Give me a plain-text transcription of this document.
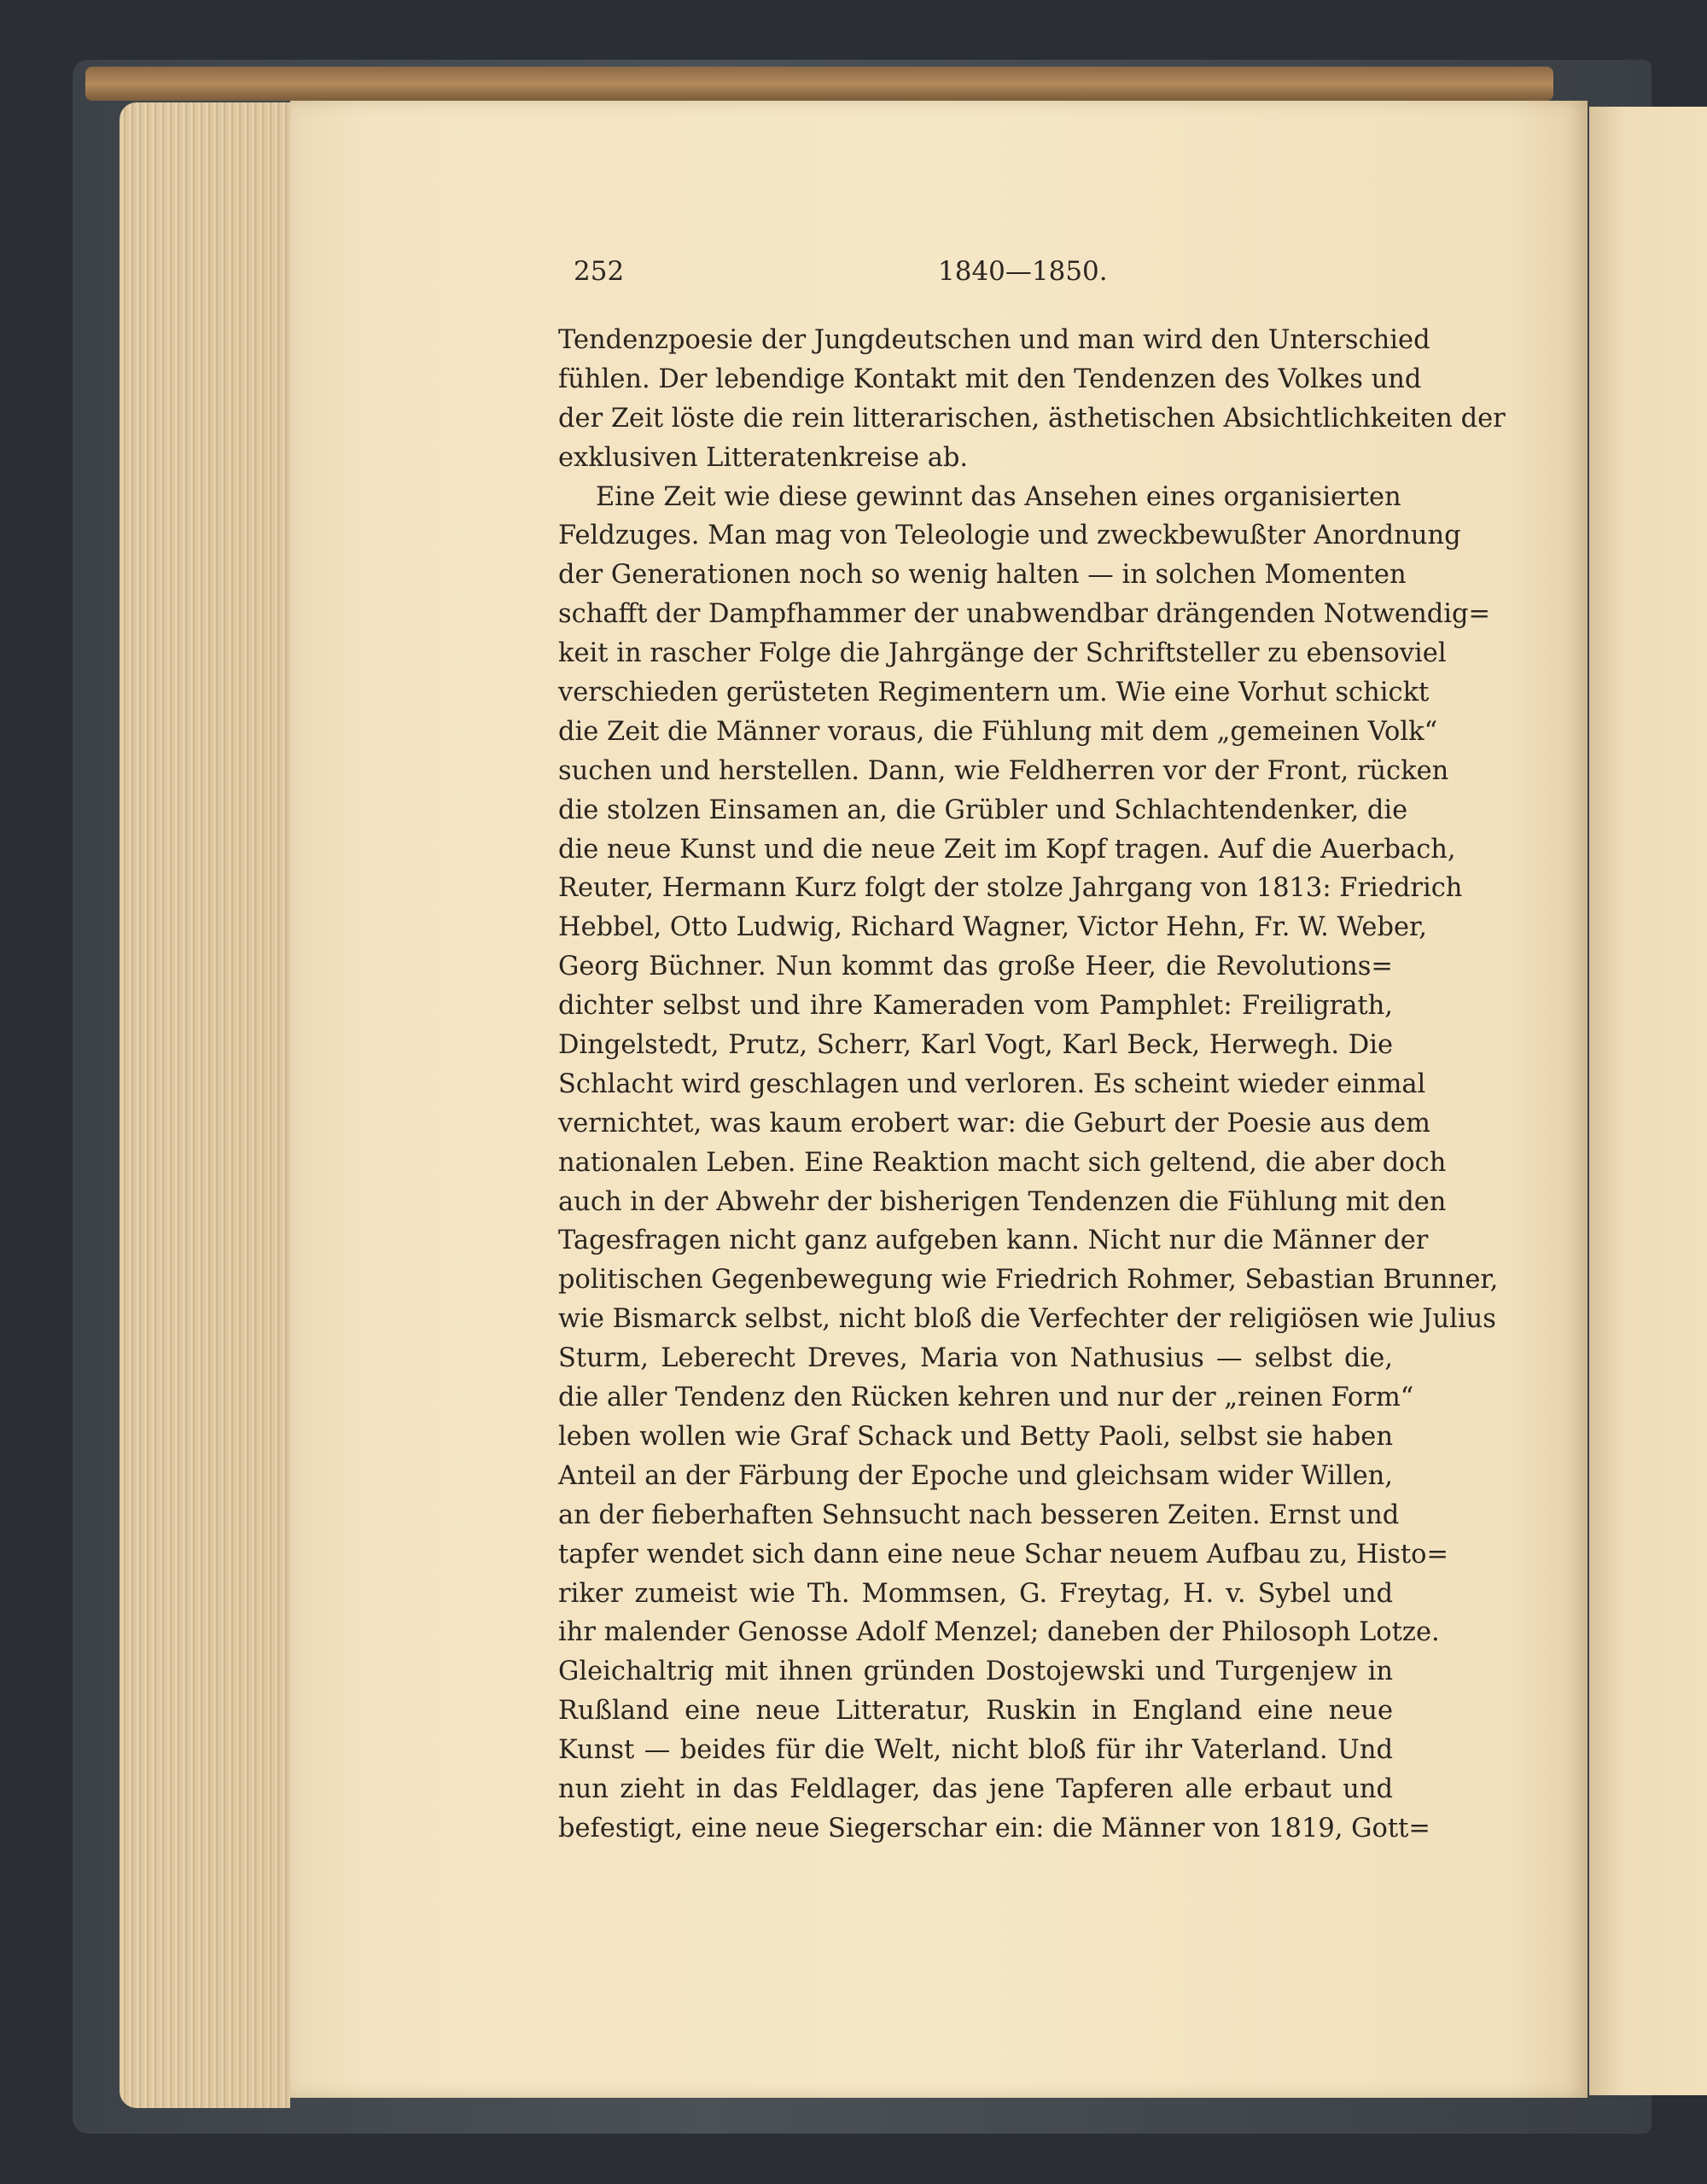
252	1840—1850.
Tendenzpoesie der Jungdeutschen und man wird den Unterschied
fühlen. Der lebendige Kontakt mit den Tendenzen des Volkes und
der Zeit löste die rein litterarischen, ästhetischen Absichtlichkeiten der
exklusiven Litteratenkreise ab.
Eine Zeit wie diese gewinnt das Ansehen eines organisierten
Feldzuges. Man mag von Teleologie und zweckbewußter Anordnung
der Generationen noch so wenig halten — in solchen Momenten
schafft der Dampfhammer der unabwendbar drängenden Notwendig=
keit in rascher Folge die Jahrgänge der Schriftsteller zu ebensoviel
verschieden gerüsteten Regimentern um. Wie eine Vorhut schickt
die Zeit die Männer voraus, die Fühlung mit dem „gemeinen Volk“
suchen und herstellen. Dann, wie Feldherren vor der Front, rücken
die stolzen Einsamen an, die Grübler und Schlachtendenker, die
die neue Kunst und die neue Zeit im Kopf tragen. Auf die Auerbach,
Reuter, Hermann Kurz folgt der stolze Jahrgang von 1813: Friedrich
Hebbel, Otto Ludwig, Richard Wagner, Victor Hehn, Fr. W. Weber,
Georg Büchner. Nun kommt das große Heer, die Revolutions=
dichter selbst und ihre Kameraden vom Pamphlet: Freiligrath,
Dingelstedt, Prutz, Scherr, Karl Vogt, Karl Beck, Herwegh. Die
Schlacht wird geschlagen und verloren. Es scheint wieder einmal
vernichtet, was kaum erobert war: die Geburt der Poesie aus dem
nationalen Leben. Eine Reaktion macht sich geltend, die aber doch
auch in der Abwehr der bisherigen Tendenzen die Fühlung mit den
Tagesfragen nicht ganz aufgeben kann. Nicht nur die Männer der
politischen Gegenbewegung wie Friedrich Rohmer, Sebastian Brunner,
wie Bismarck selbst, nicht bloß die Verfechter der religiösen wie Julius
Sturm, Leberecht Dreves, Maria von Nathusius — selbst die,
die aller Tendenz den Rücken kehren und nur der „reinen Form“
leben wollen wie Graf Schack und Betty Paoli, selbst sie haben
Anteil an der Färbung der Epoche und gleichsam wider Willen,
an der fieberhaften Sehnsucht nach besseren Zeiten. Ernst und
tapfer wendet sich dann eine neue Schar neuem Aufbau zu, Histo=
riker zumeist wie Th. Mommsen, G. Freytag, H. v. Sybel und
ihr malender Genosse Adolf Menzel; daneben der Philosoph Lotze.
Gleichaltrig mit ihnen gründen Dostojewski und Turgenjew in
Rußland eine neue Litteratur, Ruskin in England eine neue
Kunst — beides für die Welt, nicht bloß für ihr Vaterland. Und
nun zieht in das Feldlager, das jene Tapferen alle erbaut und
befestigt, eine neue Siegerschar ein: die Männer von 1819, Gott=
